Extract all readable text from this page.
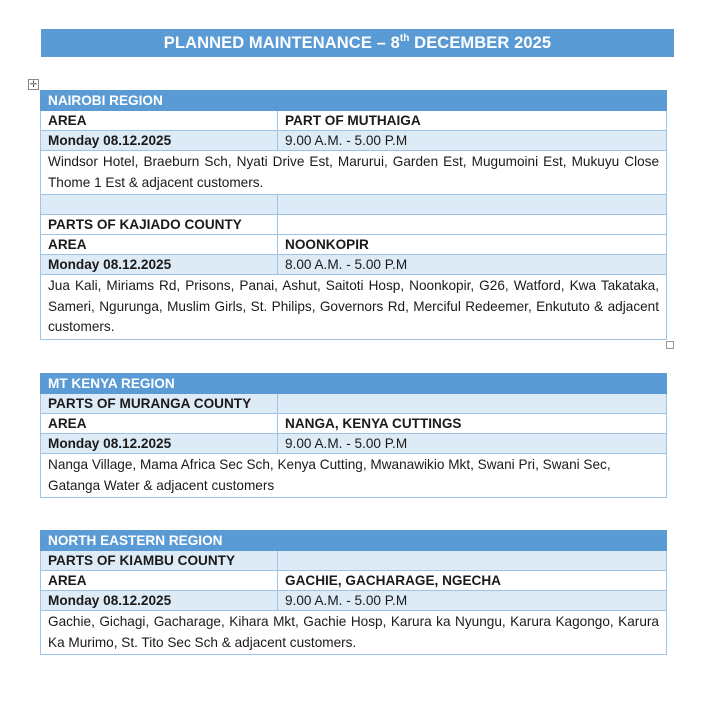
PLANNED MAINTENANCE – 8th DECEMBER 2025
✛
NAIROBI REGION	
AREA	PART OF MUTHAIGA
Monday 08.12.2025	9.00 A.M. - 5.00 P.M
Windsor Hotel, Braeburn Sch, Nyati Drive Est, Marurui, Garden Est, Mugumoini Est, Mukuyu Close Thome 1 Est & adjacent customers.	

PARTS OF KAJIADO COUNTY	
AREA	NOONKOPIR
Monday 08.12.2025	8.00 A.M. - 5.00 P.M
Jua Kali, Miriams Rd, Prisons, Panai, Ashut, Saitoti Hosp, Noonkopir, G26, Watford, Kwa Takataka, Sameri, Ngurunga, Muslim Girls, St. Philips, Governors Rd, Merciful Redeemer, Enkututo & adjacent customers.	
MT KENYA REGION	
PARTS OF MURANGA COUNTY	
AREA	NANGA, KENYA CUTTINGS
Monday 08.12.2025	9.00 A.M. - 5.00 P.M
Nanga Village, Mama Africa Sec Sch, Kenya Cutting, Mwanawikio Mkt, Swani Pri, Swani Sec, Gatanga Water & adjacent customers	
NORTH EASTERN REGION	
PARTS OF KIAMBU COUNTY	
AREA	GACHIE, GACHARAGE, NGECHA
Monday 08.12.2025	9.00 A.M. - 5.00 P.M
Gachie, Gichagi, Gacharage, Kihara Mkt, Gachie Hosp, Karura ka Nyungu, Karura Kagongo, Karura Ka Murimo, St. Tito Sec Sch & adjacent customers.	
